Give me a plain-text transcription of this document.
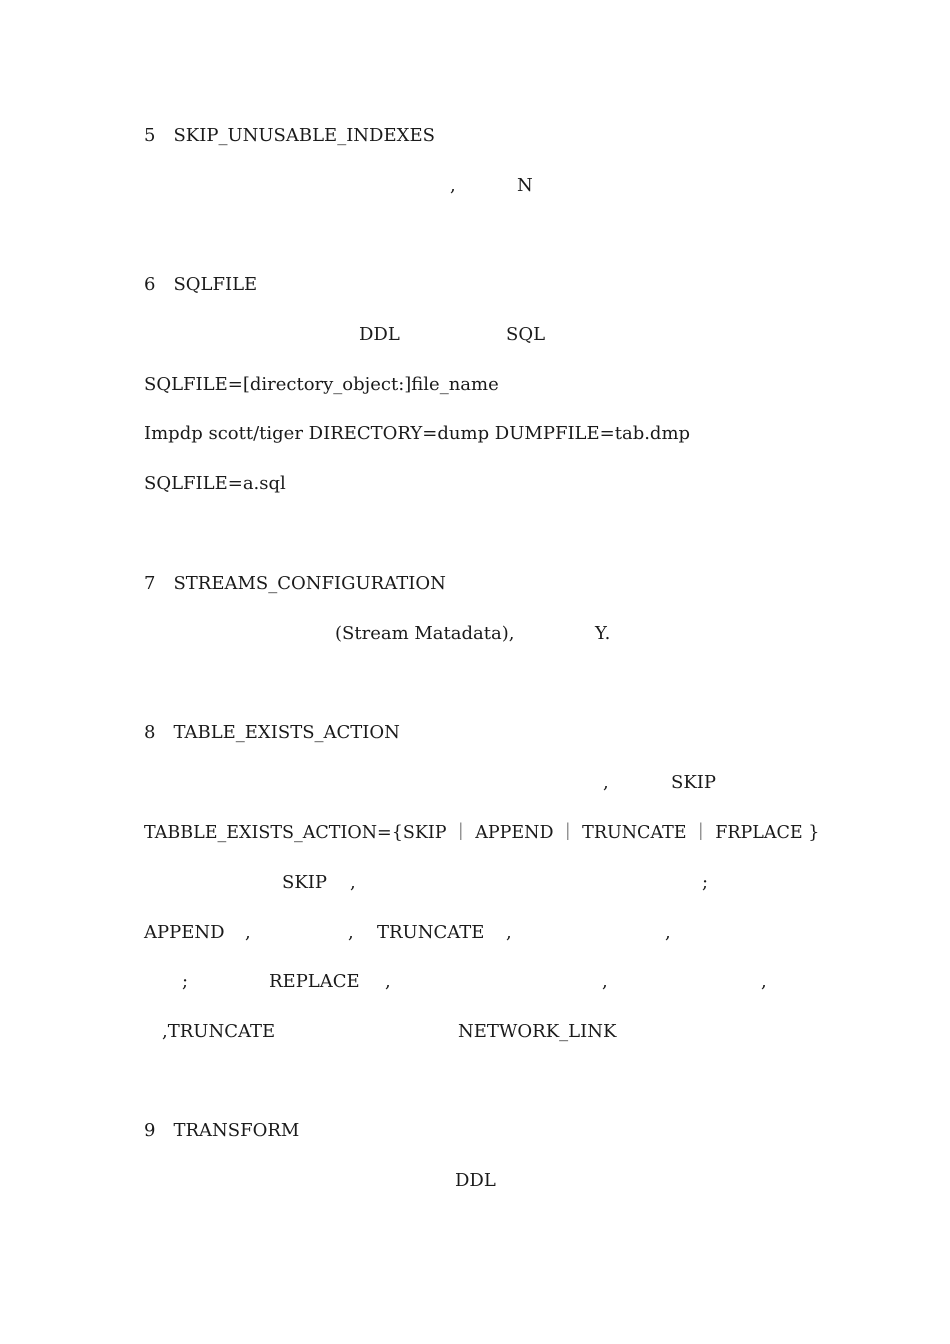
5　SKIP_UNUSABLE_INDEXES
,	N
6　SQLFILE
DDL	SQL
SQLFILE=[directory_object:]file_name
Impdp scott/tiger DIRECTORY=dump DUMPFILE=tab.dmp
SQLFILE=a.sql
7　STREAMS_CONFIGURATION
(Stream Matadata),	Y.
8　TABLE_EXISTS_ACTION
,	SKIP
TABBLE_EXISTS_ACTION={SKIP ｜ APPEND ｜ TRUNCATE ｜ FRPLACE }
SKIP ,	;
APPEND ,	, TRUNCATE ,	,
;	REPLACE ,	,	,
,TRUNCATE	NETWORK_LINK
9　TRANSFORM
DDL
